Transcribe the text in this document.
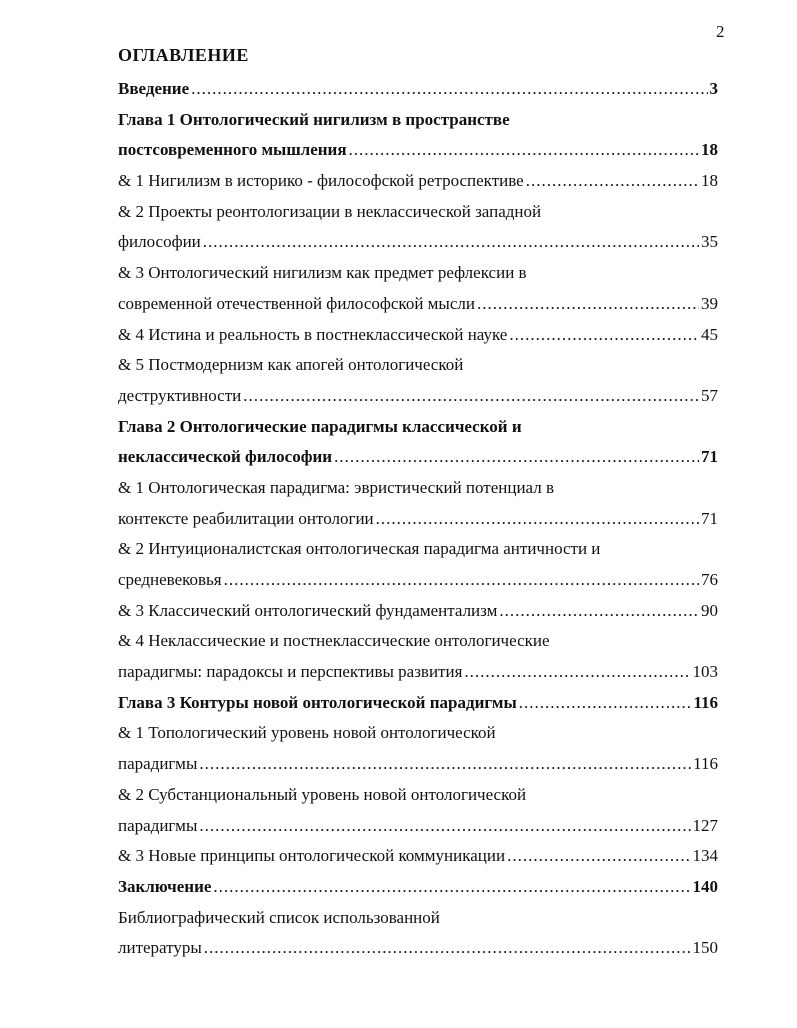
2
ОГЛАВЛЕНИЕ
Введение .....	3
Глава 1 Онтологический нигилизм в пространстве
постсовременного мышления .....	18
& 1 Нигилизм в историко - философской ретроспективе .....	18
& 2 Проекты реонтологизации в неклассической западной
философии .....	35
& 3 Онтологический нигилизм как предмет рефлексии в
современной отечественной философской мысли .....	39
& 4 Истина и реальность в постнеклассической науке .....	45
& 5 Постмодернизм как апогей онтологической
деструктивности .....	57
Глава 2 Онтологические парадигмы классической и
неклассической философии .....	71
& 1 Онтологическая парадигма: эвристический потенциал в
контексте реабилитации онтологии .....	71
& 2 Интуиционалистская онтологическая парадигма античности и
средневековья .....	76
& 3 Классический онтологический фундаментализм .....	90
& 4 Неклассические и постнеклассические онтологические
парадигмы: парадоксы и перспективы развития .....	103
Глава 3 Контуры новой онтологической парадигмы .....	116
& 1 Топологический уровень новой онтологической
парадигмы .....	116
& 2 Субстанциональный уровень новой онтологической
парадигмы .....	127
& 3 Новые принципы онтологической коммуникации .....	134
Заключение .....	140
Библиографический список использованной
литературы .....	150
